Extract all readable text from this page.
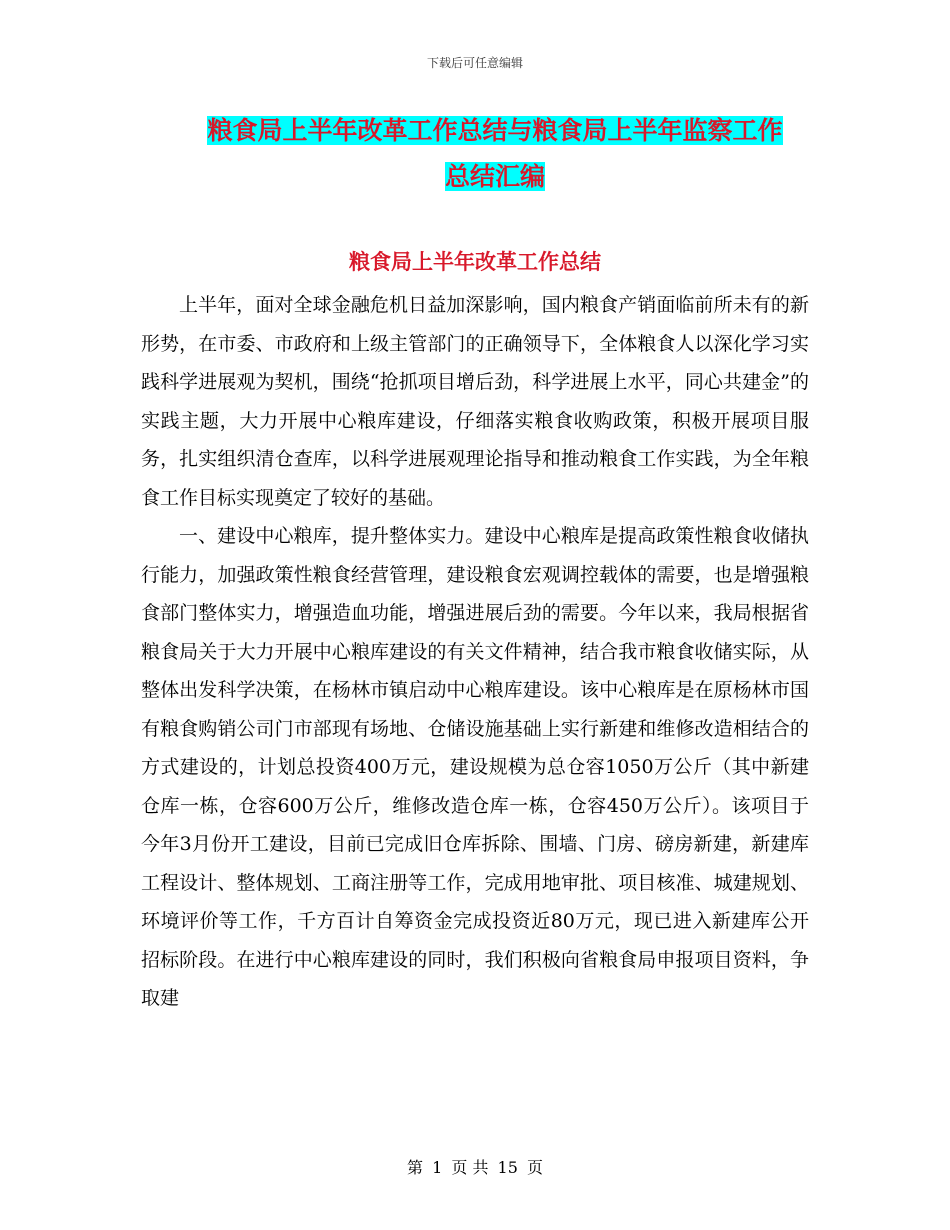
下载后可任意编辑
粮食局上半年改革工作总结与粮食局上半年监察工作
总结汇编
粮食局上半年改革工作总结

上半年，面对全球金融危机日益加深影响，国内粮食产销面临前所未有的新形势，在市委、市政府和上级主管部门的正确领导下，全体粮食人以深化学习实践科学进展观为契机，围绕“抢抓项目增后劲，科学进展上水平，同心共建金”的实践主题，大力开展中心粮库建设，仔细落实粮食收购政策，积极开展项目服务，扎实组织清仓查库，以科学进展观理论指导和推动粮食工作实践，为全年粮食工作目标实现奠定了较好的基础。

一、建设中心粮库，提升整体实力。建设中心粮库是提高政策性粮食收储执行能力，加强政策性粮食经营管理，建设粮食宏观调控载体的需要，也是增强粮食部门整体实力，增强造血功能，增强进展后劲的需要。今年以来，我局根据省粮食局关于大力开展中心粮库建设的有关文件精神，结合我市粮食收储实际，从整体出发科学决策，在杨林市镇启动中心粮库建设。该中心粮库是在原杨林市国有粮食购销公司门市部现有场地、仓储设施基础上实行新建和维修改造相结合的方式建设的，计划总投资400万元，建设规模为总仓容1050万公斤（其中新建仓库一栋，仓容600万公斤，维修改造仓库一栋，仓容450万公斤）。该项目于今年3月份开工建设，目前已完成旧仓库拆除、围墙、门房、磅房新建，新建库工程设计、整体规划、工商注册等工作，完成用地审批、项目核准、城建规划、环境评价等工作，千方百计自筹资金完成投资近80万元，现已进入新建库公开招标阶段。在进行中心粮库建设的同时，我们积极向省粮食局申报项目资料，争取建

第 1 页 共 15 页
